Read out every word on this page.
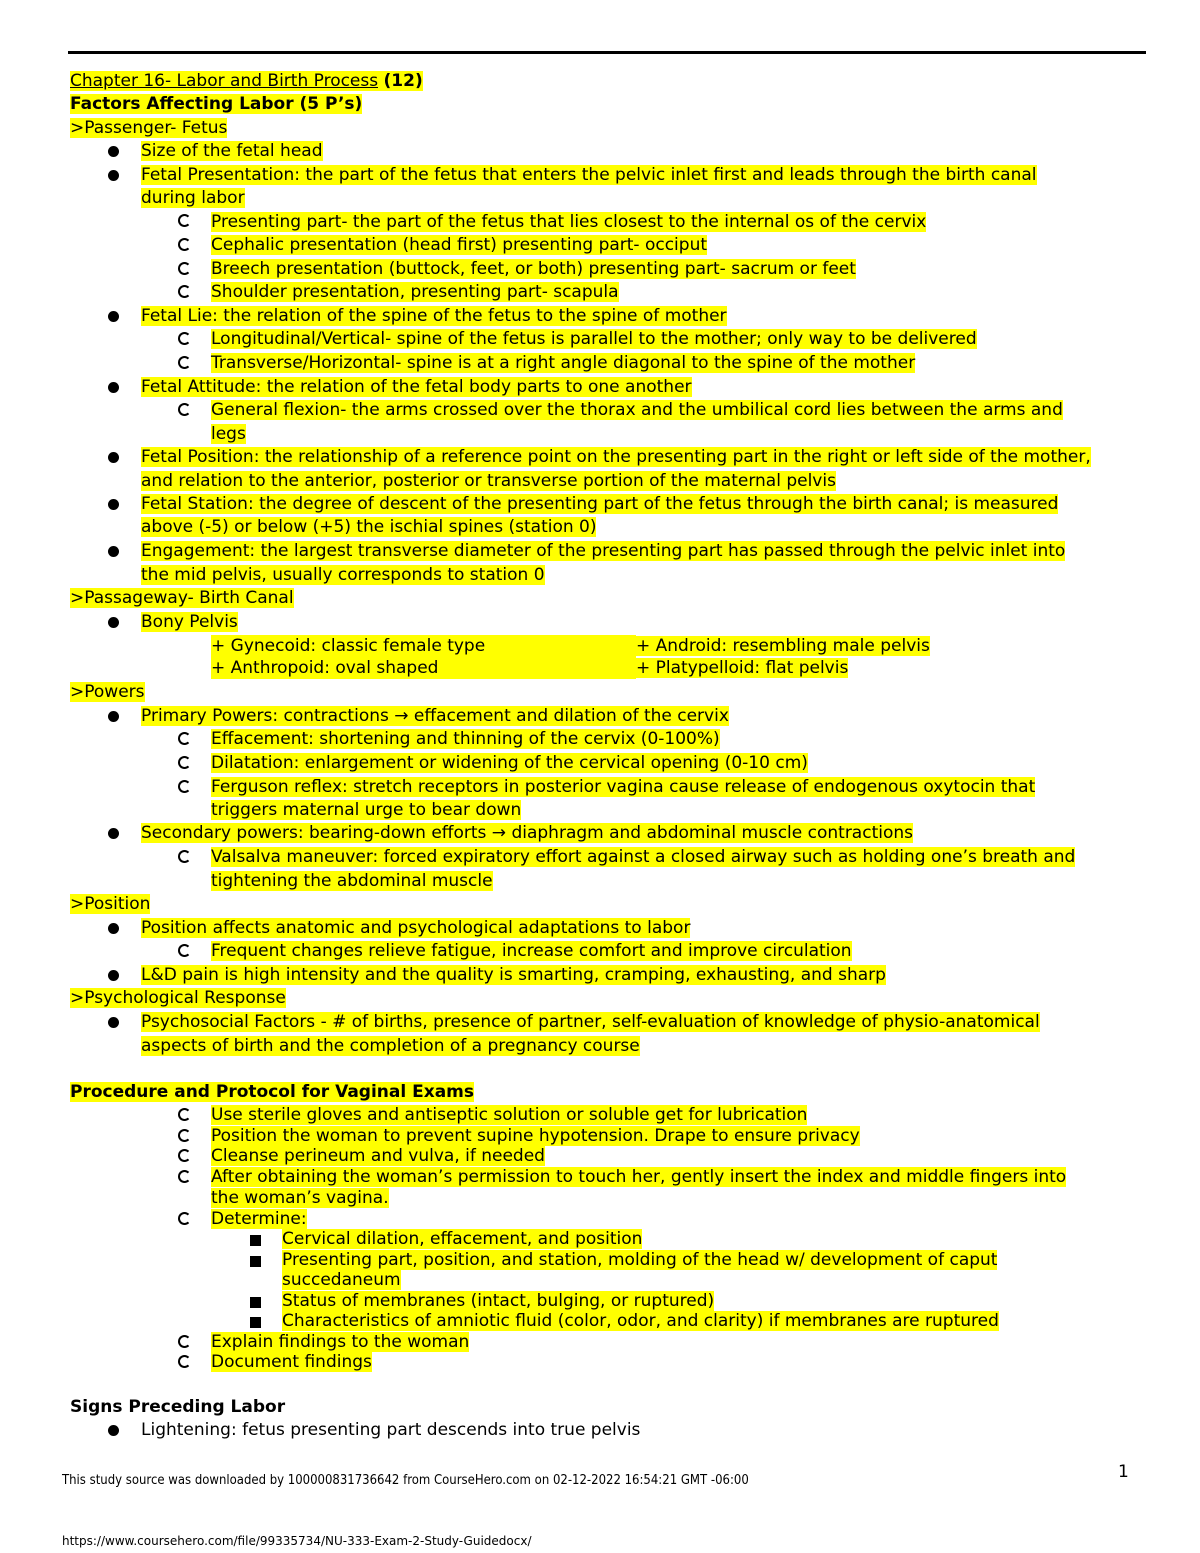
Chapter 16- Labor and Birth Process (12)
Factors Affecting Labor (5 P’s)
>Passenger- Fetus
Size of the fetal head
Fetal Presentation: the part of the fetus that enters the pelvic inlet first and leads through the birth canal
during labor
Presenting part- the part of the fetus that lies closest to the internal os of the cervix
Cephalic presentation (head first) presenting part- occiput
Breech presentation (buttock, feet, or both) presenting part- sacrum or feet
Shoulder presentation, presenting part- scapula
Fetal Lie: the relation of the spine of the fetus to the spine of mother
Longitudinal/Vertical- spine of the fetus is parallel to the mother; only way to be delivered
Transverse/Horizontal- spine is at a right angle diagonal to the spine of the mother
Fetal Attitude: the relation of the fetal body parts to one another
General flexion- the arms crossed over the thorax and the umbilical cord lies between the arms and
legs
Fetal Position: the relationship of a reference point on the presenting part in the right or left side of the mother,
and relation to the anterior, posterior or transverse portion of the maternal pelvis
Fetal Station: the degree of descent of the presenting part of the fetus through the birth canal; is measured
above (-5) or below (+5) the ischial spines (station 0)
Engagement: the largest transverse diameter of the presenting part has passed through the pelvic inlet into
the mid pelvis, usually corresponds to station 0
>Passageway- Birth Canal
Bony Pelvis
+ Gynecoid: classic female type	+ Android: resembling male pelvis
+ Anthropoid: oval shaped	+ Platypelloid: flat pelvis
>Powers
Primary Powers: contractions → effacement and dilation of the cervix
Effacement: shortening and thinning of the cervix (0-100%)
Dilatation: enlargement or widening of the cervical opening (0-10 cm)
Ferguson reflex: stretch receptors in posterior vagina cause release of endogenous oxytocin that
triggers maternal urge to bear down
Secondary powers: bearing-down efforts → diaphragm and abdominal muscle contractions
Valsalva maneuver: forced expiratory effort against a closed airway such as holding one’s breath and
tightening the abdominal muscle
>Position
Position affects anatomic and psychological adaptations to labor
Frequent changes relieve fatigue, increase comfort and improve circulation
L&D pain is high intensity and the quality is smarting, cramping, exhausting, and sharp
>Psychological Response
Psychosocial Factors - # of births, presence of partner, self-evaluation of knowledge of physio-anatomical
aspects of birth and the completion of a pregnancy course
Procedure and Protocol for Vaginal Exams
Use sterile gloves and antiseptic solution or soluble get for lubrication
Position the woman to prevent supine hypotension. Drape to ensure privacy
Cleanse perineum and vulva, if needed
After obtaining the woman’s permission to touch her, gently insert the index and middle fingers into
the woman’s vagina.
Determine:
Cervical dilation, effacement, and position
Presenting part, position, and station, molding of the head w/ development of caput
succedaneum
Status of membranes (intact, bulging, or ruptured)
Characteristics of amniotic fluid (color, odor, and clarity) if membranes are ruptured
Explain findings to the woman
Document findings
Signs Preceding Labor
Lightening: fetus presenting part descends into true pelvis
1
This study source was downloaded by 100000831736642 from CourseHero.com on 02-12-2022 16:54:21 GMT -06:00
https://www.coursehero.com/file/99335734/NU-333-Exam-2-Study-Guidedocx/
